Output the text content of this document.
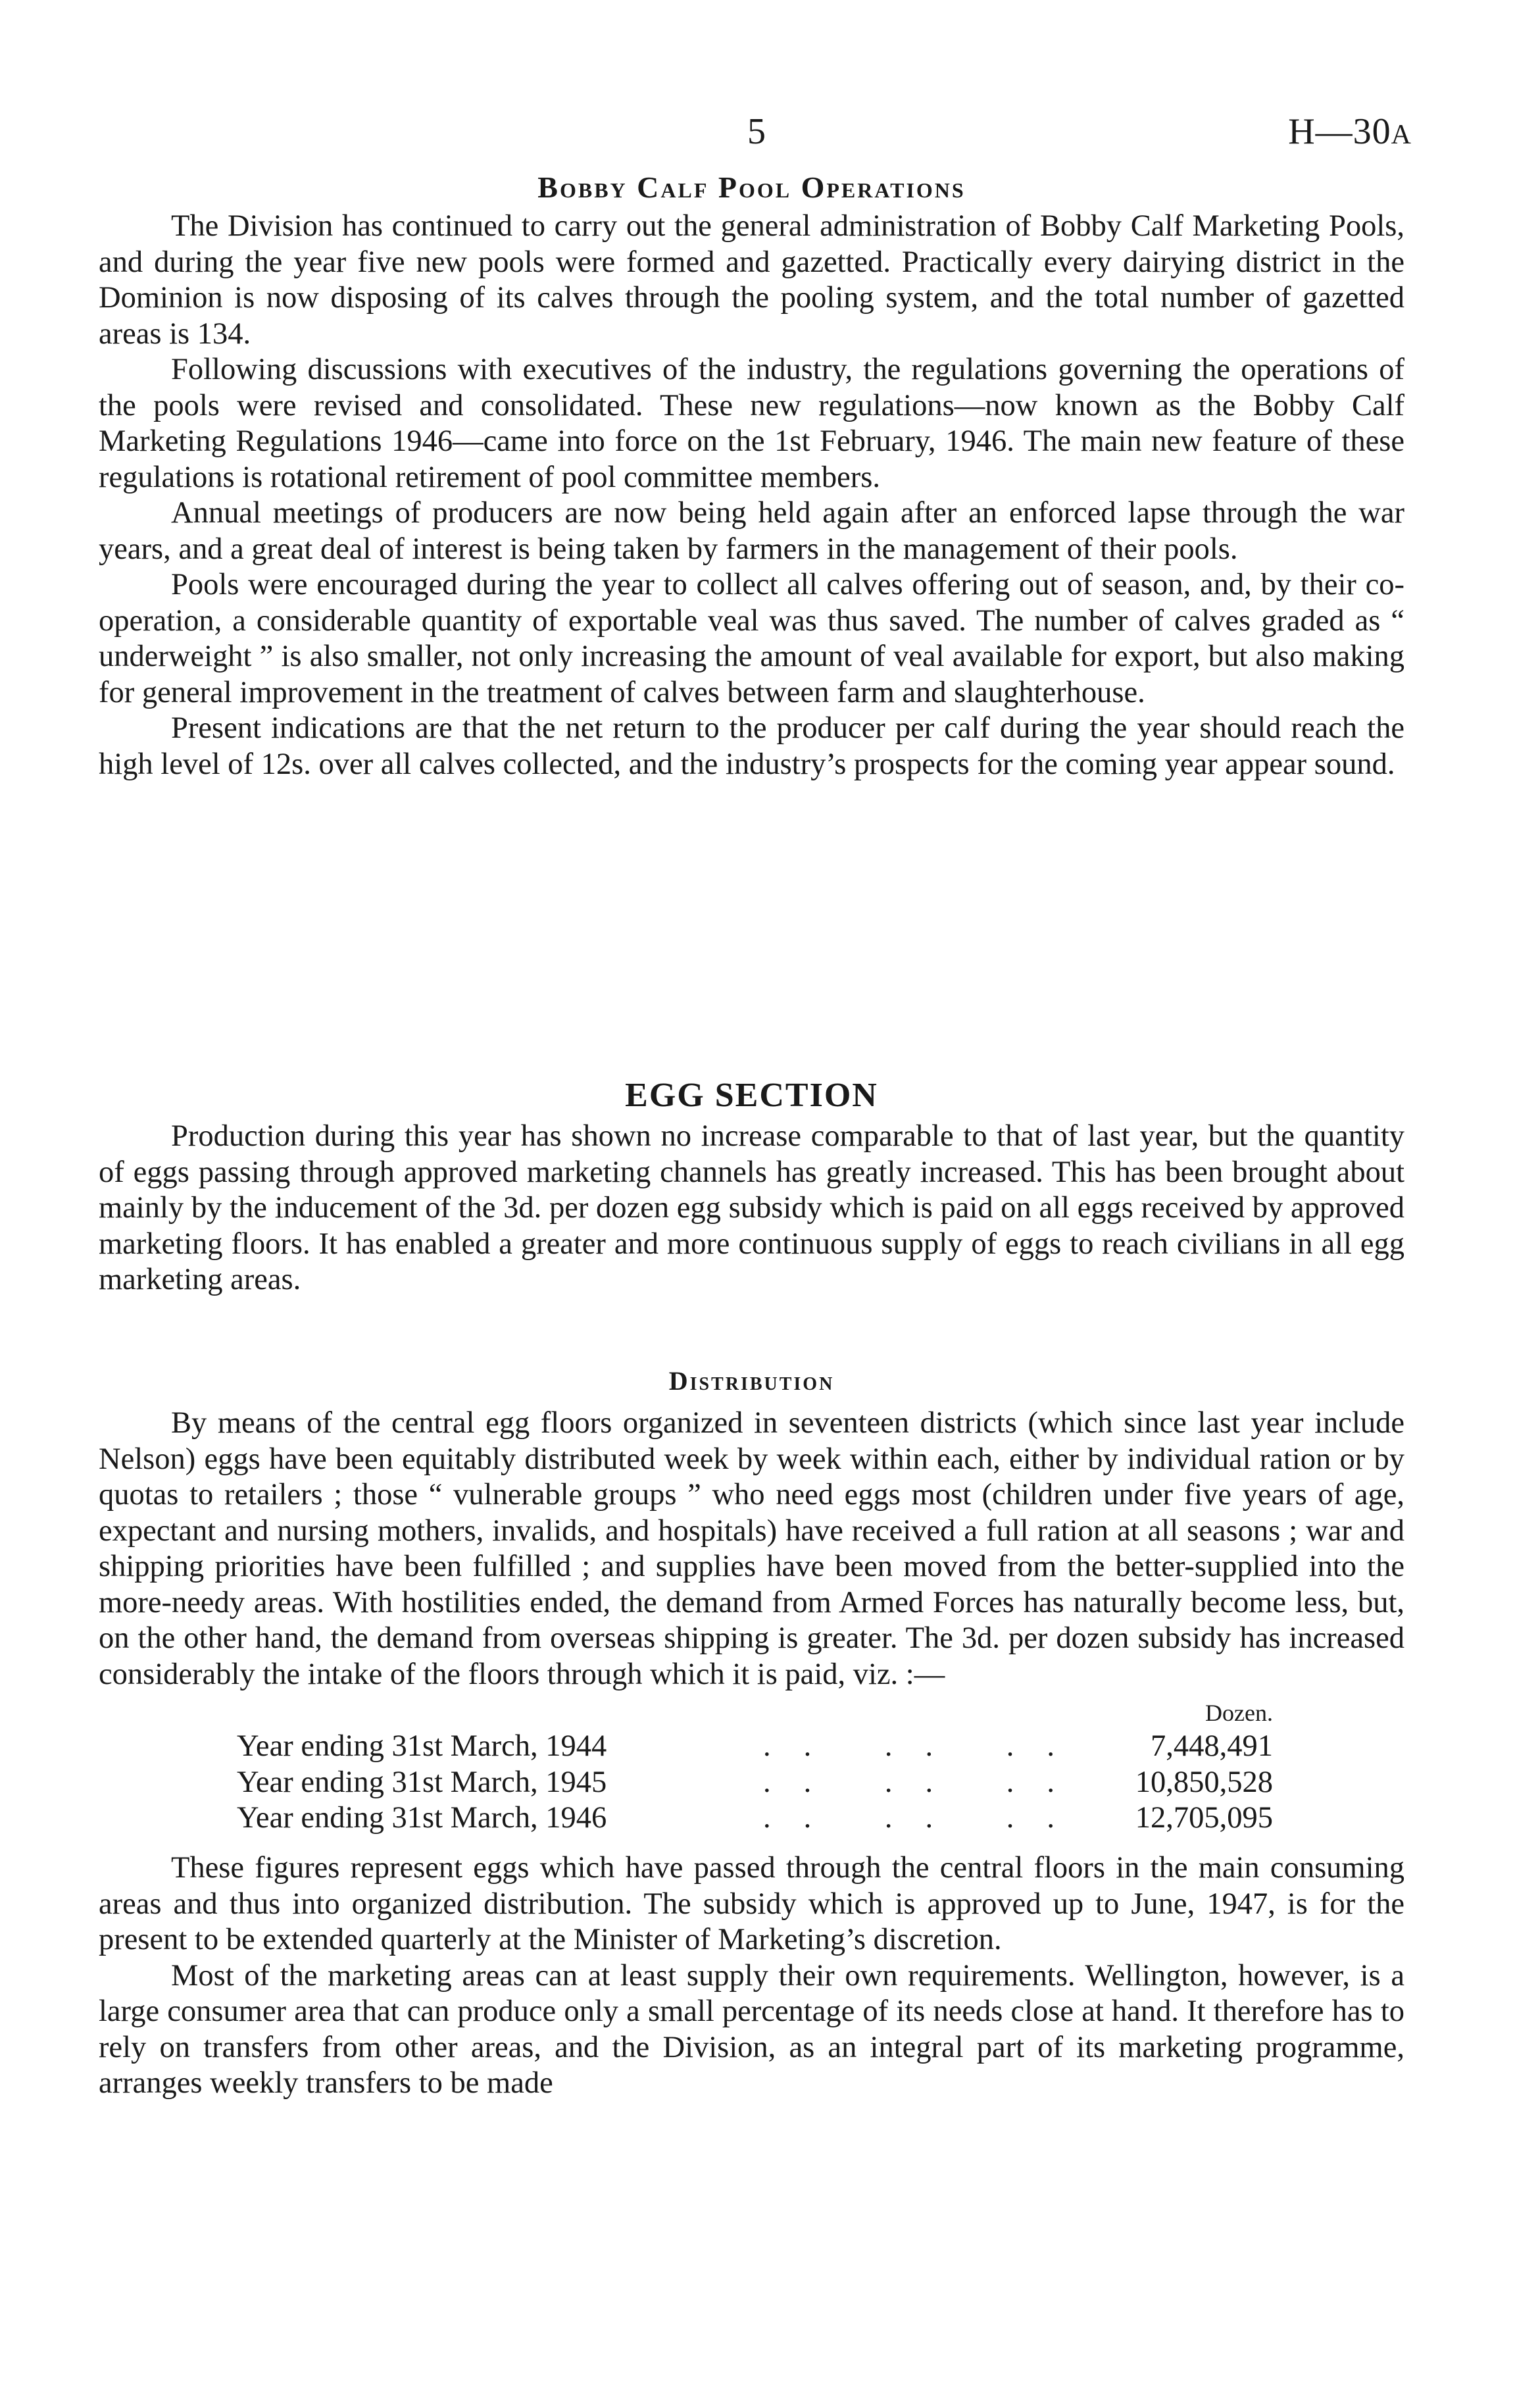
5	H—30A
Bobby Calf Pool Operations

The Division has continued to carry out the general administration of Bobby Calf Marketing Pools, and during the year five new pools were formed and gazetted. Practically every dairying district in the Dominion is now disposing of its calves through the pooling system, and the total number of gazetted areas is 134.

Following discussions with executives of the industry, the regulations governing the operations of the pools were revised and consolidated. These new regulations—now known as the Bobby Calf Marketing Regulations 1946—came into force on the 1st February, 1946. The main new feature of these regulations is rotational retirement of pool committee members.

Annual meetings of producers are now being held again after an enforced lapse through the war years, and a great deal of interest is being taken by farmers in the management of their pools.

Pools were encouraged during the year to collect all calves offering out of season, and, by their co-operation, a considerable quantity of exportable veal was thus saved. The number of calves graded as “ underweight ” is also smaller, not only increasing the amount of veal available for export, but also making for general improvement in the treatment of calves between farm and slaughterhouse.

Present indications are that the net return to the producer per calf during the year should reach the high level of 12s. over all calves collected, and the industry’s prospects for the coming year appear sound.

EGG SECTION

Production during this year has shown no increase comparable to that of last year, but the quantity of eggs passing through approved marketing channels has greatly increased. This has been brought about mainly by the inducement of the 3d. per dozen egg subsidy which is paid on all eggs received by approved marketing floors. It has enabled a greater and more continuous supply of eggs to reach civilians in all egg marketing areas.

Distribution

By means of the central egg floors organized in seventeen districts (which since last year include Nelson) eggs have been equitably distributed week by week within each, either by individual ration or by quotas to retailers ; those “ vulnerable groups ” who need eggs most (children under five years of age, expectant and nursing mothers, invalids, and hospitals) have received a full ration at all seasons ; war and shipping priorities have been fulfilled ; and supplies have been moved from the better-supplied into the more-needy areas. With hostilities ended, the demand from Armed Forces has naturally become less, but, on the other hand, the demand from overseas shipping is greater. The 3d. per dozen subsidy has increased considerably the intake of the floors through which it is paid, viz. :—

Dozen.
Year ending 31st March, 1944	.. .. .. 7,448,491
Year ending 31st March, 1945	.. .. .. 10,850,528
Year ending 31st March, 1946	.. .. .. 12,705,095

These figures represent eggs which have passed through the central floors in the main consuming areas and thus into organized distribution. The subsidy which is approved up to June, 1947, is for the present to be extended quarterly at the Minister of Marketing’s discretion.

Most of the marketing areas can at least supply their own requirements. Wellington, however, is a large consumer area that can produce only a small percentage of its needs close at hand. It therefore has to rely on transfers from other areas, and the Division, as an integral part of its marketing programme, arranges weekly transfers to be made
